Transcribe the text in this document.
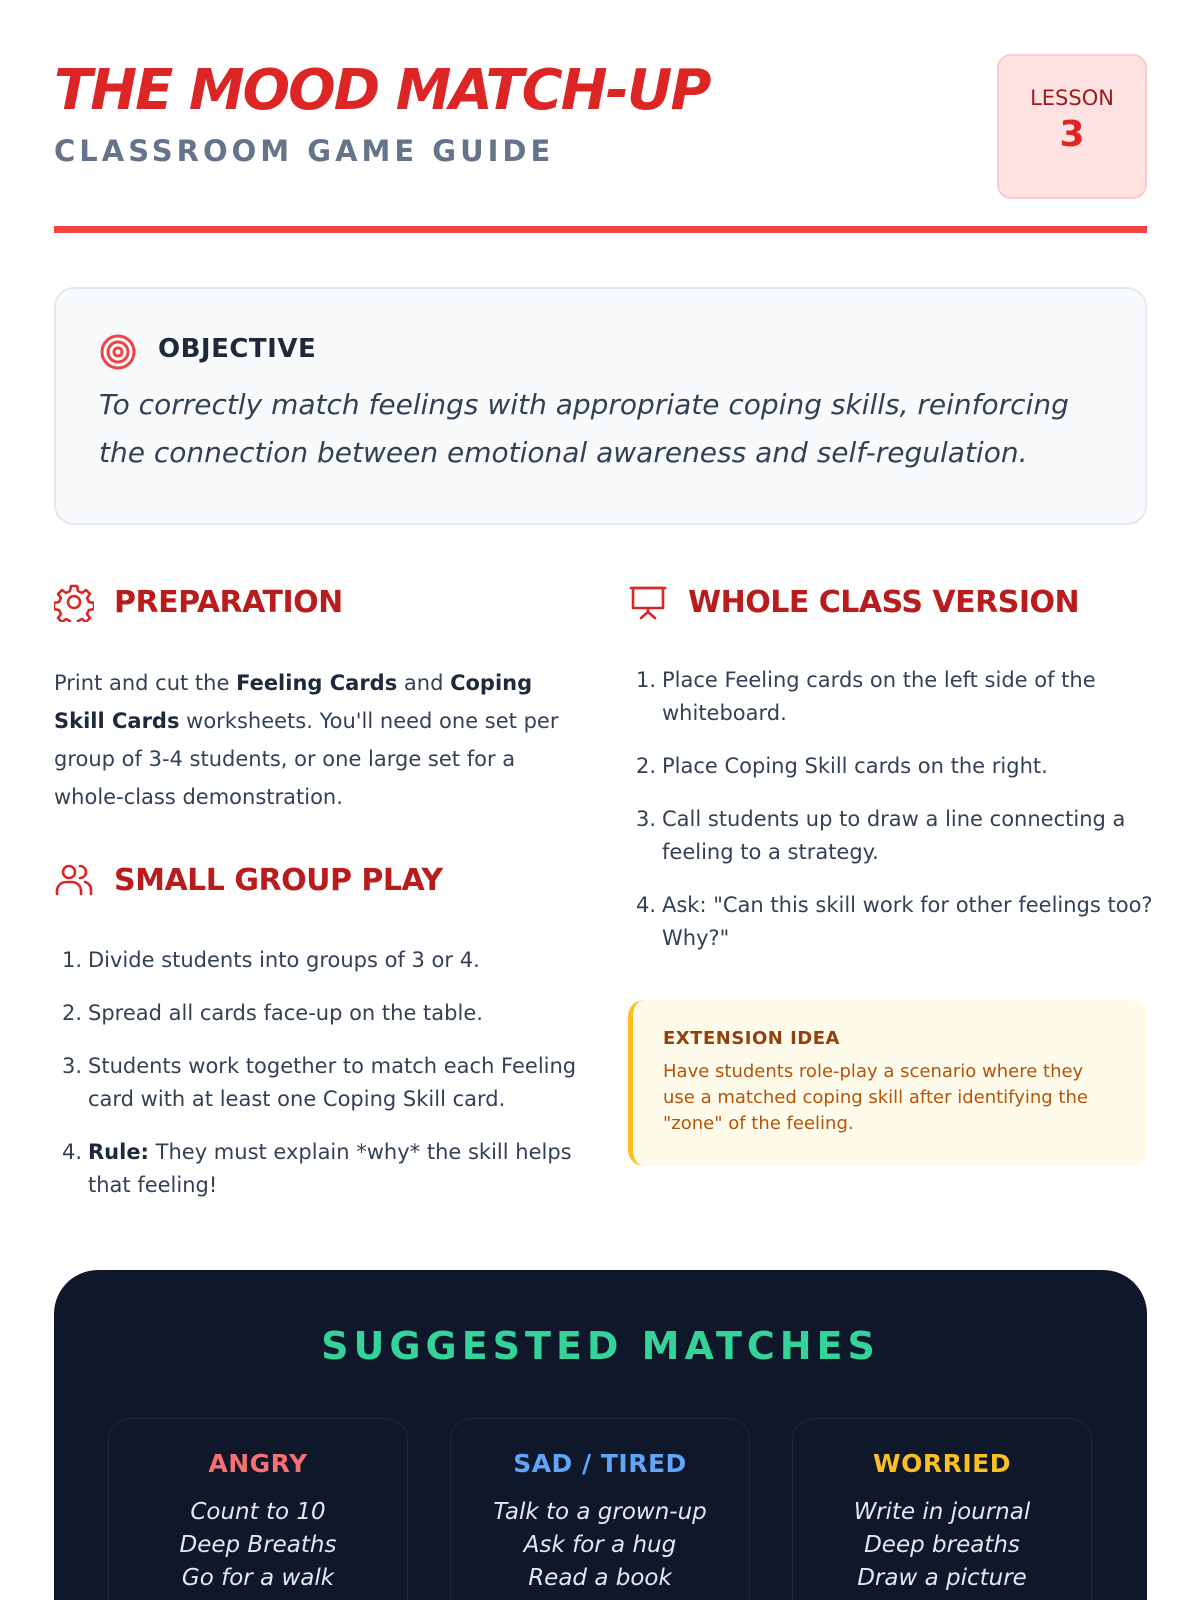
THE MOOD MATCH-UP
CLASSROOM GAME GUIDE
LESSON
3
OBJECTIVE
To correctly match feelings with appropriate coping skills, reinforcing the connection between emotional awareness and self-regulation.
PREPARATION
Print and cut the Feeling Cards and Coping Skill Cards worksheets. You'll need one set per group of 3-4 students, or one large set for a whole-class demonstration.
SMALL GROUP PLAY
1. Divide students into groups of 3 or 4.
2. Spread all cards face-up on the table.
3. Students work together to match each Feeling card with at least one Coping Skill card.
4. Rule: They must explain *why* the skill helps that feeling!
WHOLE CLASS VERSION
1. Place Feeling cards on the left side of the whiteboard.
2. Place Coping Skill cards on the right.
3. Call students up to draw a line connecting a feeling to a strategy.
4. Ask: "Can this skill work for other feelings too? Why?"
EXTENSION IDEA
Have students role-play a scenario where they use a matched coping skill after identifying the "zone" of the feeling.
SUGGESTED MATCHES
ANGRY
Count to 10
Deep Breaths
Go for a walk
SAD / TIRED
Talk to a grown-up
Ask for a hug
Read a book
WORRIED
Write in journal
Deep breaths
Draw a picture
